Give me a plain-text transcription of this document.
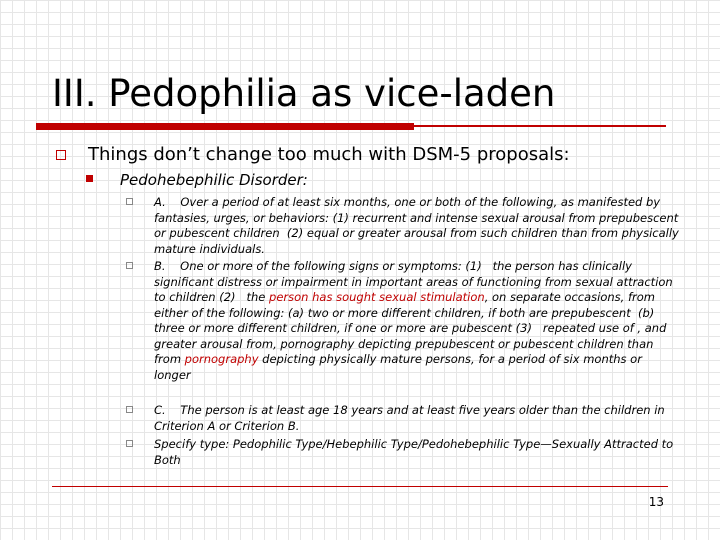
III. Pedophilia as vice-laden
Things don’t change too much with DSM-5 proposals:
Pedohebephilic Disorder:
A.    Over a period of at least six months, one or both of the following, as manifested by fantasies, urges, or behaviors: (1) recurrent and intense sexual arousal from prepubescent or pubescent children  (2) equal or greater arousal from such children than from physically mature individuals.
B.    One or more of the following signs or symptoms: (1)   the person has clinically significant distress or impairment in important areas of functioning from sexual attraction to children (2)   the person has sought sexual stimulation, on separate occasions, from either of the following: (a) two or more different children, if both are prepubescent  (b) three or more different children, if one or more are pubescent (3)   repeated use of , and greater arousal from, pornography depicting prepubescent or pubescent children than from pornography depicting physically mature persons, for a period of six months or longer
C.    The person is at least age 18 years and at least five years older than the children in Criterion A or Criterion B.
Specify type: Pedophilic Type/Hebephilic Type/Pedohebephilic Type—Sexually Attracted to Both
13
